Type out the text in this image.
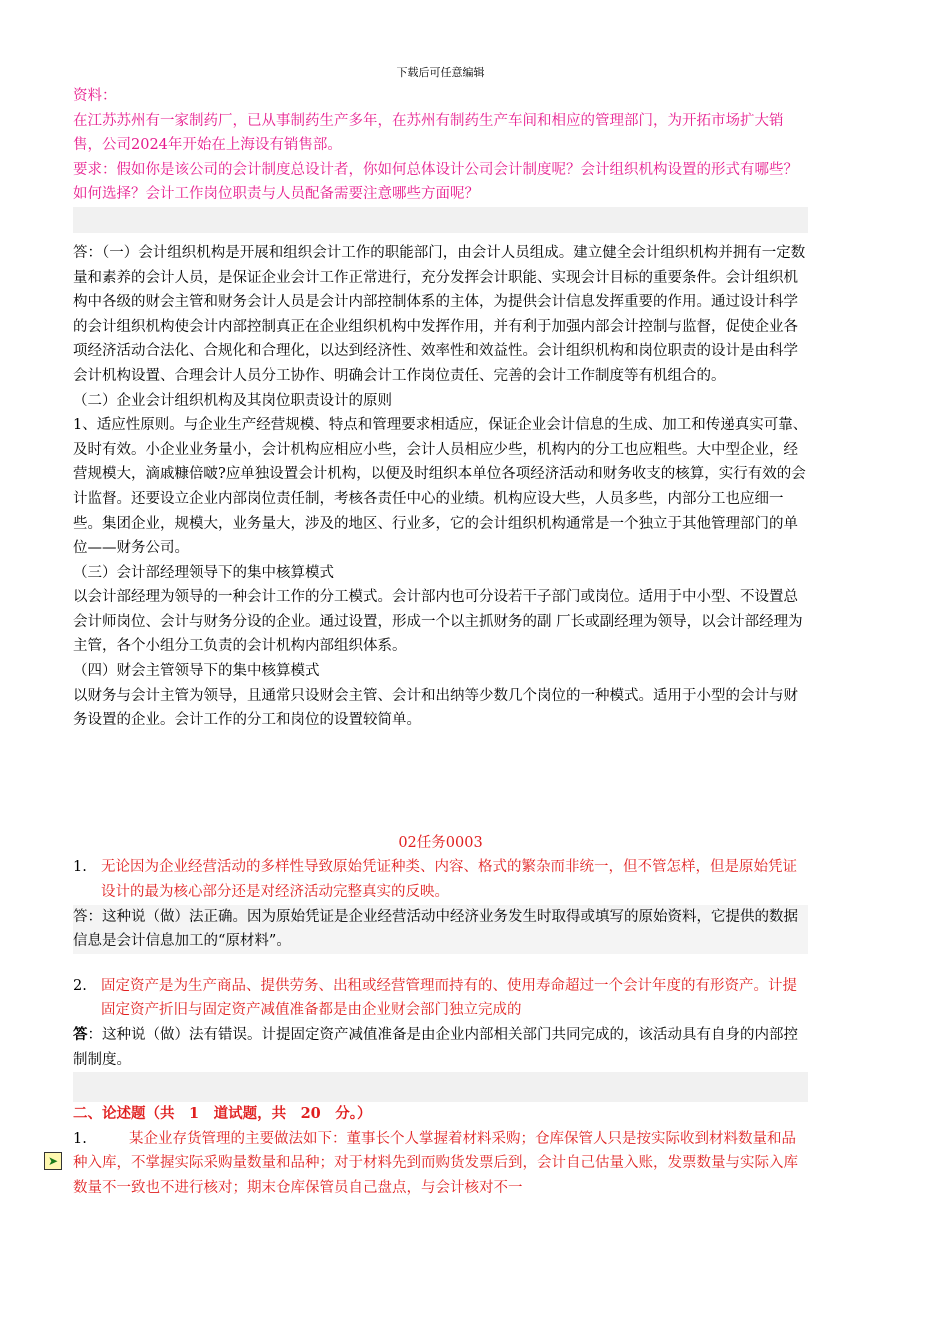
➤
下载后可任意编辑

资料：

在江苏苏州有一家制药厂，已从事制药生产多年，在苏州有制药生产车间和相应的管理部门，为开拓市场扩大销售，公司2024年开始在上海设有销售部。

要求：假如你是该公司的会计制度总设计者，你如何总体设计公司会计制度呢？会计组织机构设置的形式有哪些？如何选择？会计工作岗位职责与人员配备需要注意哪些方面呢？

答：（一）会计组织机构是开展和组织会计工作的职能部门，由会计人员组成。建立健全会计组织机构并拥有一定数量和素养的会计人员，是保证企业会计工作正常进行，充分发挥会计职能、实现会计目标的重要条件。会计组织机构中各级的财会主管和财务会计人员是会计内部控制体系的主体，为提供会计信息发挥重要的作用。通过设计科学的会计组织机构使会计内部控制真正在企业组织机构中发挥作用，并有利于加强内部会计控制与监督，促使企业各项经济活动合法化、合规化和合理化，以达到经济性、效率性和效益性。会计组织机构和岗位职责的设计是由科学会计机构设置、合理会计人员分工协作、明确会计工作岗位责任、完善的会计工作制度等有机组合的。

（二）企业会计组织机构及其岗位职责设计的原则

1、适应性原则。与企业生产经营规模、特点和管理要求相适应，保证企业会计信息的生成、加工和传递真实可靠、及时有效。小企业业务量小，会计机构应相应小些，会计人员相应少些，机构内的分工也应粗些。大中型企业，经营规模大，滴戚糠倍啵?应单独设置会计机构，以便及时组织本单位各项经济活动和财务收支的核算，实行有效的会计监督。还要设立企业内部岗位责任制，考核各责任中心的业绩。机构应设大些，人员多些，内部分工也应细一些。集团企业，规模大，业务量大，涉及的地区、行业多，它的会计组织机构通常是一个独立于其他管理部门的单位——财务公司。

（三）会计部经理领导下的集中核算模式

以会计部经理为领导的一种会计工作的分工模式。会计部内也可分设若干子部门或岗位。适用于中小型、不设置总会计师岗位、会计与财务分设的企业。通过设置，形成一个以主抓财务的副 厂长或副经理为领导，以会计部经理为主管，各个小组分工负责的会计机构内部组织体系。

（四）财会主管领导下的集中核算模式

以财务与会计主管为领导，且通常只设财会主管、会计和出纳等少数几个岗位的一种模式。适用于小型的会计与财务设置的企业。会计工作的分工和岗位的设置较简单。

02任务0003

1. 无论因为企业经营活动的多样性导致原始凭证种类、内容、格式的繁杂而非统一，但不管怎样，但是原始凭证设计的最为核心部分还是对经济活动完整真实的反映。

答：这种说（做）法正确。因为原始凭证是企业经营活动中经济业务发生时取得或填写的原始资料，它提供的数据信息是会计信息加工的“原材料”。

2. 固定资产是为生产商品、提供劳务、出租或经营管理而持有的、使用寿命超过一个会计年度的有形资产。计提固定资产折旧与固定资产减值准备都是由企业财会部门独立完成的

答：这种说（做）法有错误。计提固定资产减值准备是由企业内部相关部门共同完成的，该活动具有自身的内部控制制度。

二、论述题（共　1　道试题，共　20　分。）

1.	某企业存货管理的主要做法如下：董事长个人掌握着材料采购；仓库保管人只是按实际收到材料数量和品种入库，不掌握实际采购量数量和品种；对于材料先到而购货发票后到，会计自己估量入账，发票数量与实际入库数量不一致也不进行核对；期末仓库保管员自己盘点，与会计核对不一
